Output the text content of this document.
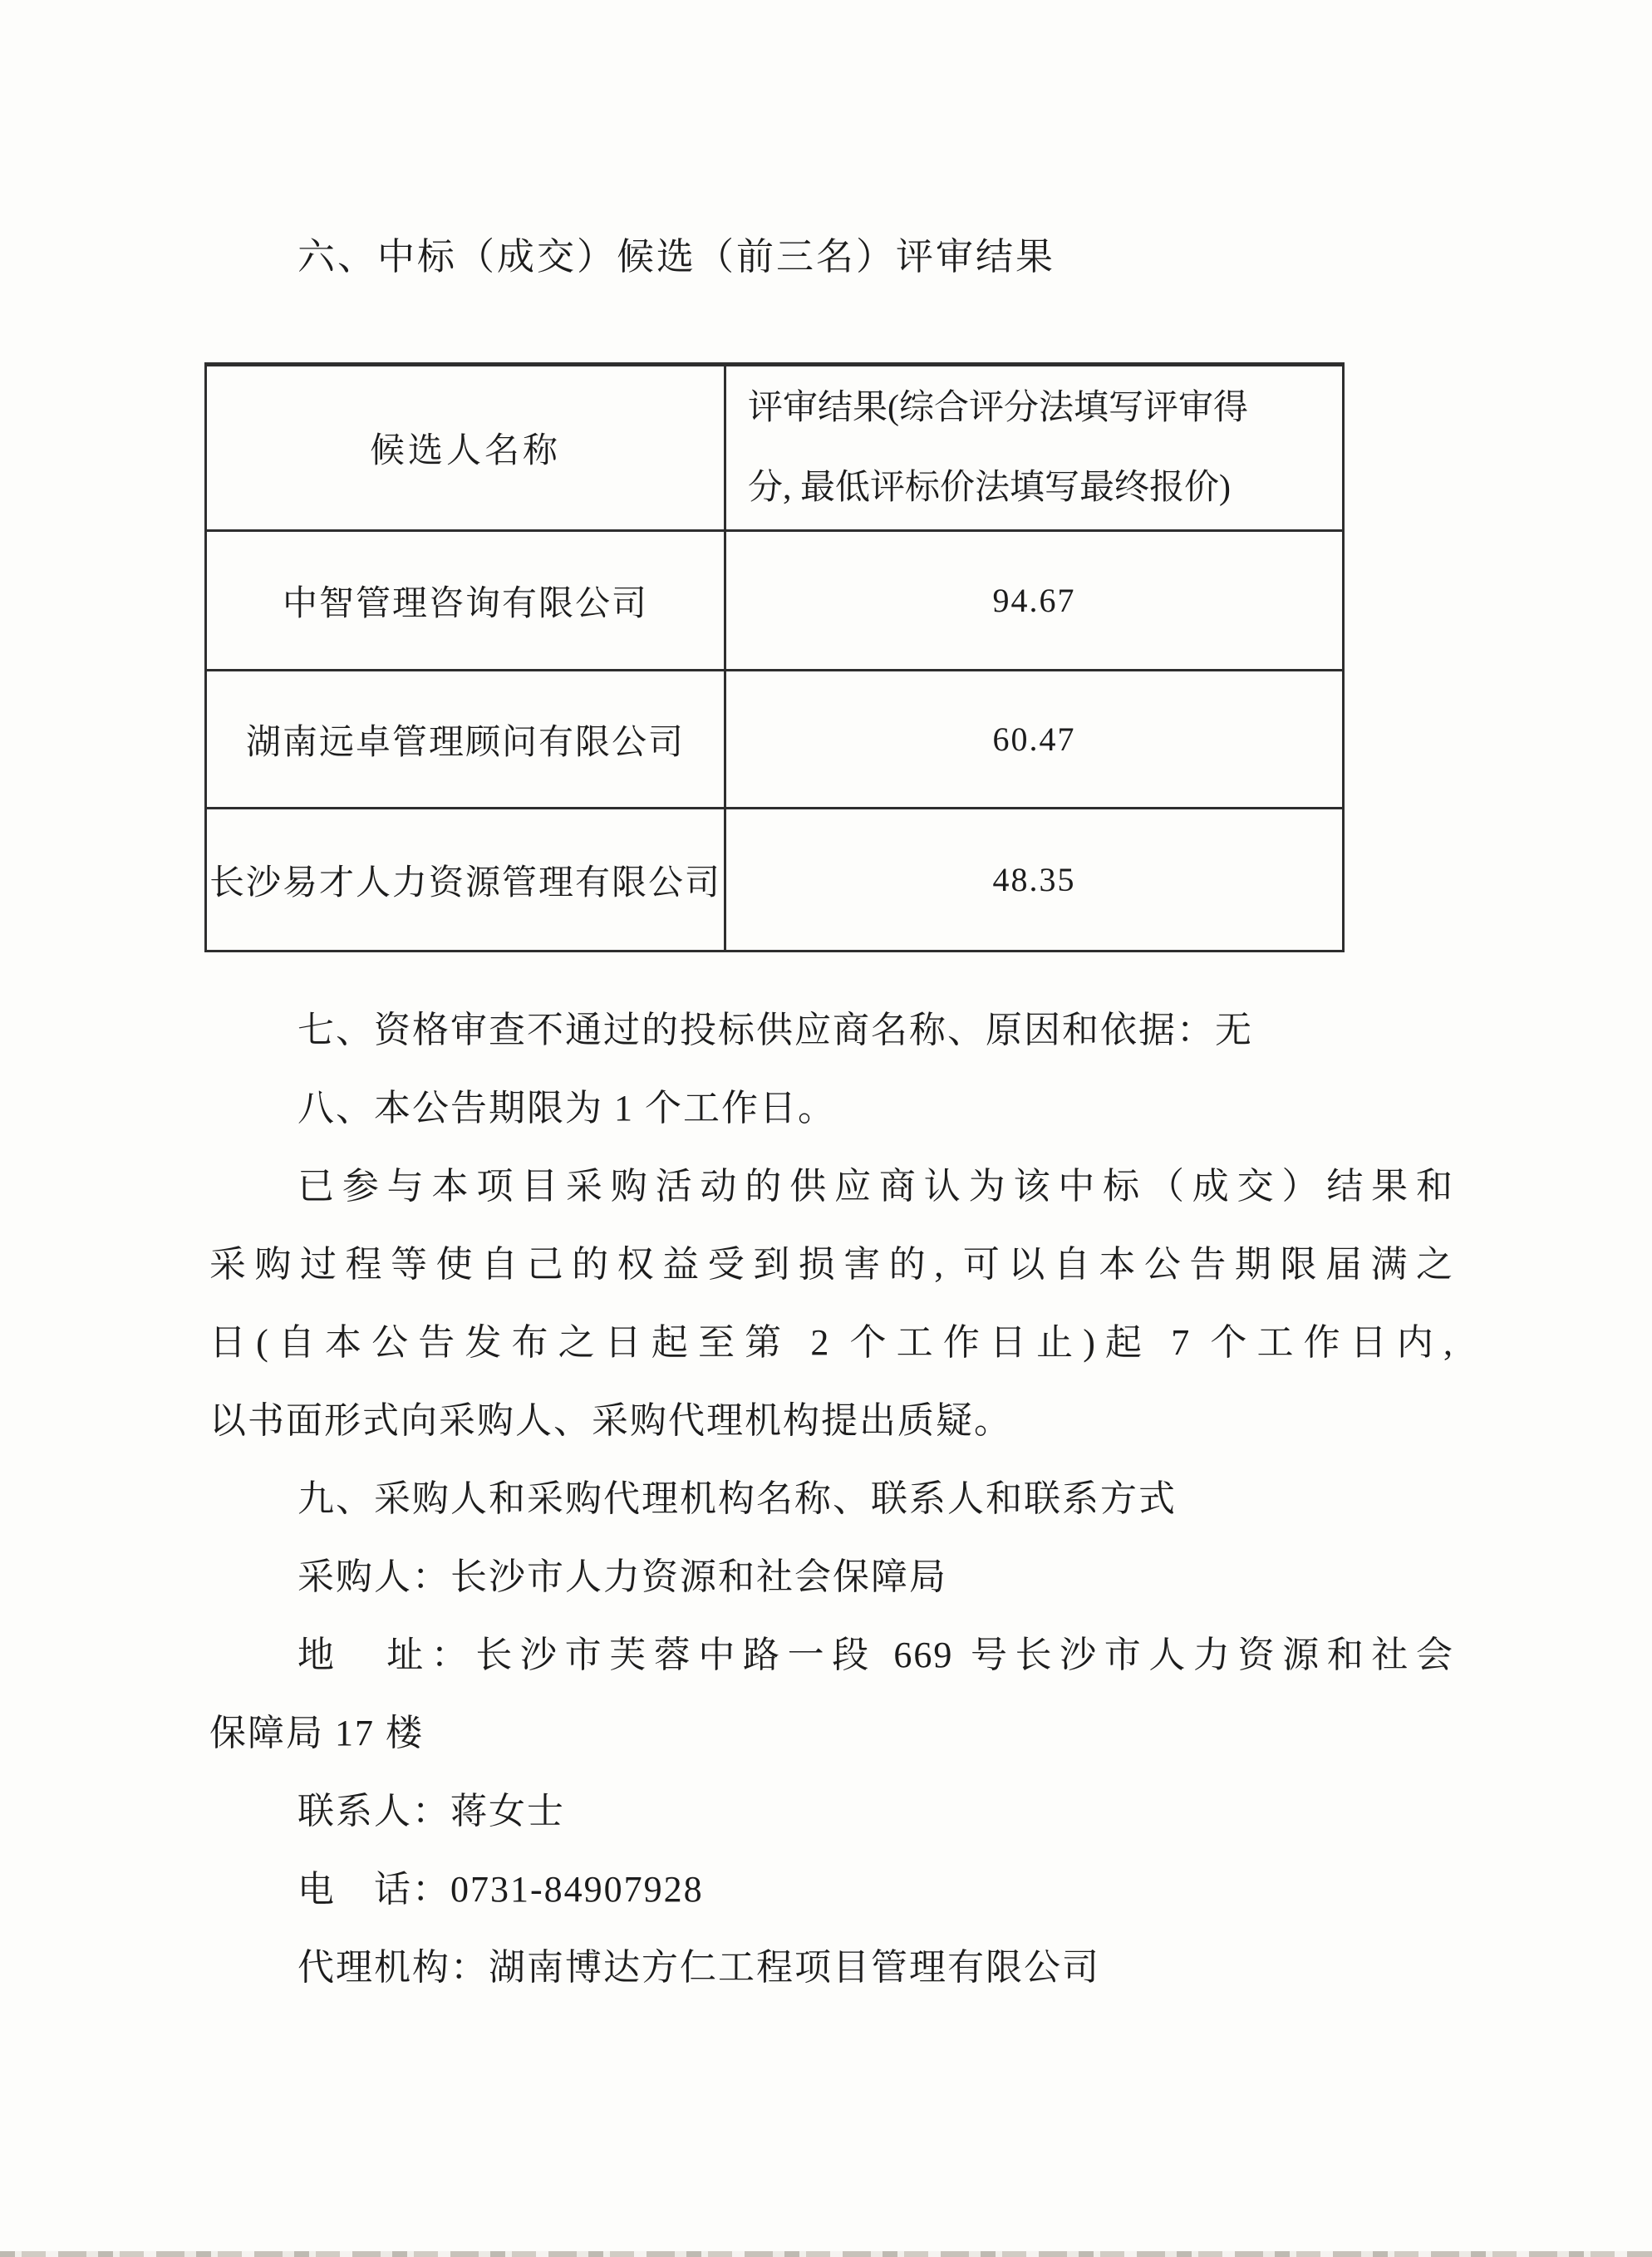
六、中标（成交）候选（前三名）评审结果
候选人名称	评审结果(综合评分法填写评审得
分, 最低评标价法填写最终报价)

中智管理咨询有限公司	94.67
湖南远卓管理顾问有限公司	60.47
长沙易才人力资源管理有限公司	48.35
七、资格审查不通过的投标供应商名称、原因和依据：无
八、本公告期限为 1 个工作日。
已参与本项目采购活动的供应商认为该中标（成交）结果和
采购过程等使自己的权益受到损害的, 可以自本公告期限届满之
日(自本公告发布之日起至第 2 个工作日止)起 7 个工作日内,
以书面形式向采购人、采购代理机构提出质疑。
九、采购人和采购代理机构名称、联系人和联系方式
采购人：长沙市人力资源和社会保障局
地　址：长沙市芙蓉中路一段 669 号长沙市人力资源和社会
保障局 17 楼
联系人：蒋女士
电　话：0731-84907928
代理机构：湖南博达方仁工程项目管理有限公司
